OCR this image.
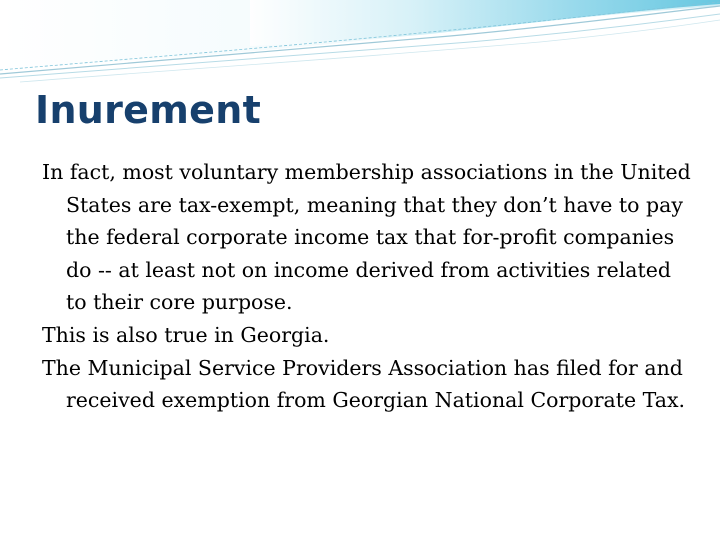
Inurement

In fact, most voluntary membership associations in the United States are tax-exempt, meaning that they don’t have to pay the federal corporate income tax that for-profit companies do -- at least not on income derived from activities related to their core purpose.

This is also true in Georgia.

The Municipal Service Providers Association has filed for and received exemption from Georgian National Corporate Tax.
